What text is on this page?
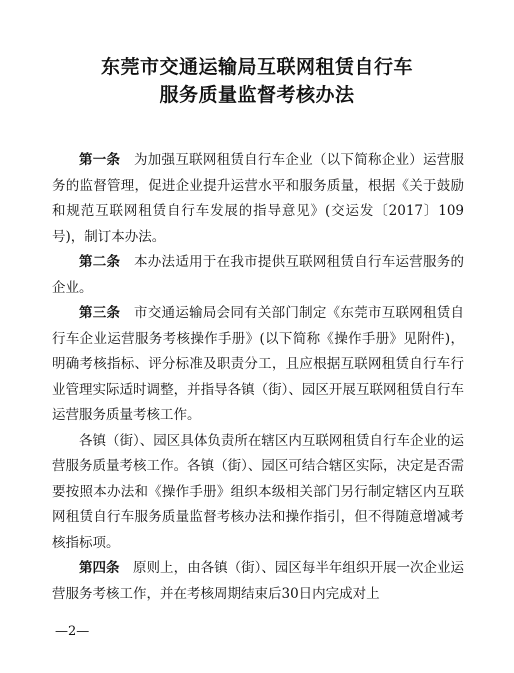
东莞市交通运输局互联网租赁自行车
服务质量监督考核办法

第一条　为加强互联网租赁自行车企业（以下简称企业）运营服务的监督管理，促进企业提升运营水平和服务质量，根据《关于鼓励和规范互联网租赁自行车发展的指导意见》(交运发〔2017〕109号)，制订本办法。

第二条　本办法适用于在我市提供互联网租赁自行车运营服务的企业。

第三条　市交通运输局会同有关部门制定《东莞市互联网租赁自行车企业运营服务考核操作手册》(以下简称《操作手册》见附件)，明确考核指标、评分标准及职责分工，且应根据互联网租赁自行车行业管理实际适时调整，并指导各镇（街）、园区开展互联网租赁自行车运营服务质量考核工作。

各镇（街）、园区具体负责所在辖区内互联网租赁自行车企业的运营服务质量考核工作。各镇（街）、园区可结合辖区实际，决定是否需要按照本办法和《操作手册》组织本级相关部门另行制定辖区内互联网租赁自行车服务质量监督考核办法和操作指引，但不得随意增减考核指标项。

第四条　原则上，由各镇（街）、园区每半年组织开展一次企业运营服务考核工作，并在考核周期结束后30日内完成对上

—2—
